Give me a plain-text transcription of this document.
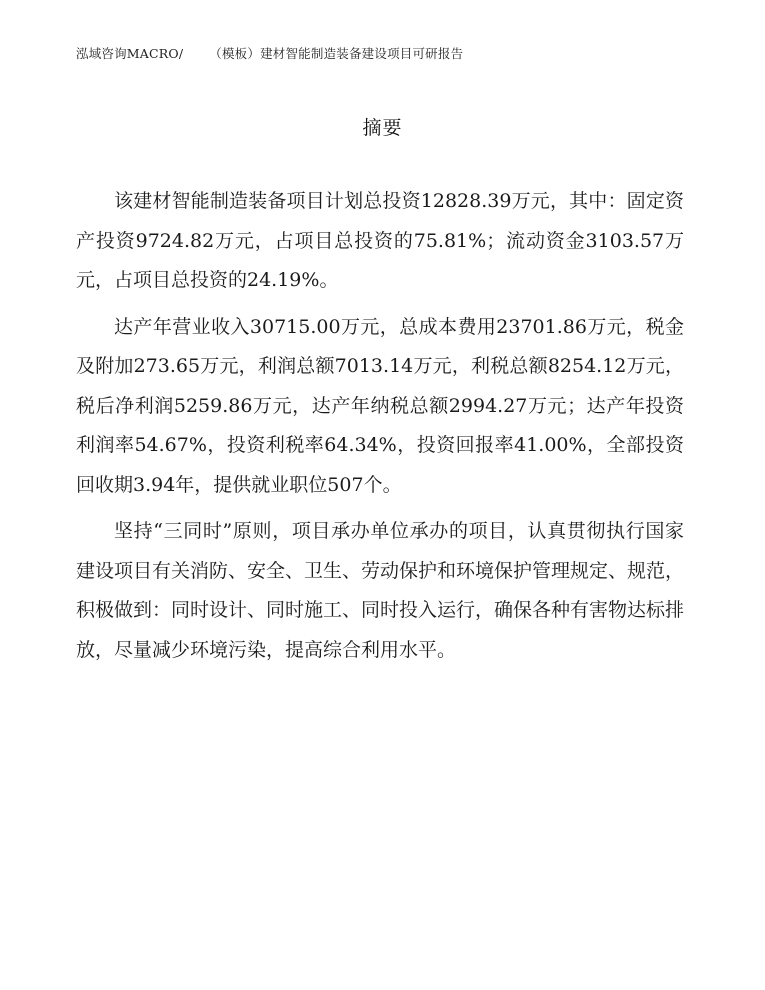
泓域咨询MACRO/ （模板）建材智能制造装备建设项目可研报告
摘要

该建材智能制造装备项目计划总投资12828.39万元，其中：固定资产投资9724.82万元，占项目总投资的75.81%；流动资金3103.57万元，占项目总投资的24.19%。

达产年营业收入30715.00万元，总成本费用23701.86万元，税金及附加273.65万元，利润总额7013.14万元，利税总额8254.12万元，税后净利润5259.86万元，达产年纳税总额2994.27万元；达产年投资利润率54.67%，投资利税率64.34%，投资回报率41.00%，全部投资回收期3.94年，提供就业职位507个。

坚持“三同时”原则，项目承办单位承办的项目，认真贯彻执行国家建设项目有关消防、安全、卫生、劳动保护和环境保护管理规定、规范，积极做到：同时设计、同时施工、同时投入运行，确保各种有害物达标排放，尽量减少环境污染，提高综合利用水平。
